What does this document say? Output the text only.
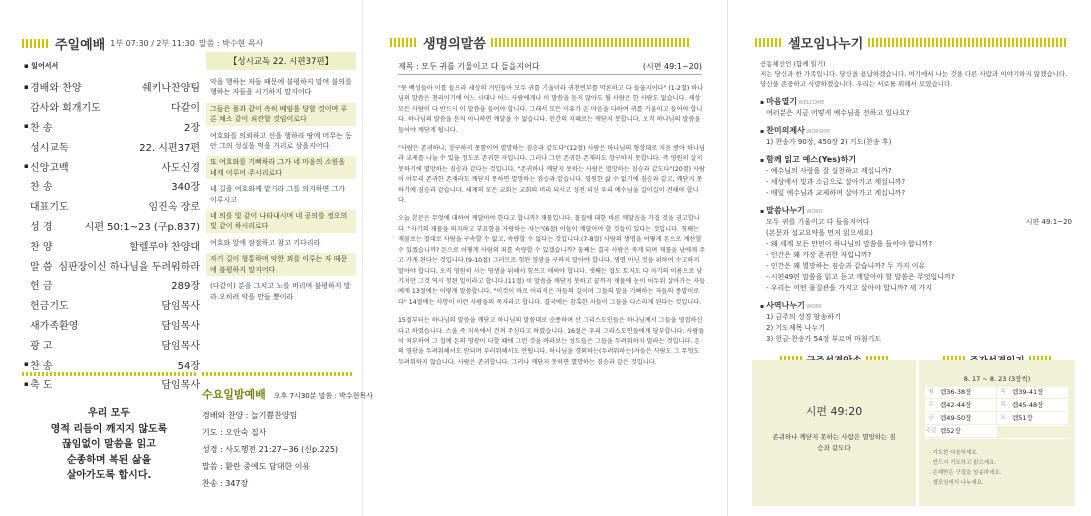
주일예배 1부 07:30 / 2부 11:30 말씀 : 박수현 목사
▪ 일어서서
▪ 경배와 찬양	쉐키나찬양팀
감사와 회개기도	다같이
▪ 찬 송	2장
성시교독	22. 시편37편
▪ 신앙고백	사도신경
찬 송	340장
대표기도	임진옥 장로
성 경	시편 50:1~23 (구p.837)
찬 양	할렐루야 찬양대
말 씀 심판장이신 하나님을 두려워하라
헌 금	289장
헌금기도	담임목사
새가족환영	담임목사
광 고	담임목사
▪ 찬 송	54장
▪ 축 도	담임목사
【성시교독 22. 시편37편】
악을 행하는 자들 때문에 불평하지 말며 불의를 행하는 자들을 시기하지 말지어다
그들은 풀과 같이 속히 베임을 당할 것이며 푸른 채소 같이 쇠잔할 것임이로다
여호와를 의뢰하고 선을 행하라 땅에 머무는 동안 그의 성실을 먹을 거리로 삼을지어다
또 여호와를 기뻐하라 그가 네 마음의 소원을 네게 이루어 주시리로다
네 길을 여호와께 맡기라 그를 의지하면 그가 이루시고
네 의를 빛 같이 나타내시며 네 공의를 정오의 빛 같이 하시리로다
여호와 앞에 잠잠하고 참고 기다리라
자기 길이 형통하며 악한 꾀를 이루는 자 때문에 불평하지 말지어다
(다같이) 분을 그치고 노를 버리며 불평하지 말라 오히려 악을 만들 뿐이라
우리 모두
영적 리듬이 깨지지 않도록
끊임없이 말씀을 읽고
순종하며 복된 삶을
살아가도록 합시다.
수요일밤예배 오후 7시30분 말씀 : 박수현목사
경배와 찬양 : 늘기쁨찬양팀
기도 : 오안숙 집사
성경 : 사도행전 21:27~36 (신p.225)
말씀 : 환란 중에도 담대한 이유
찬송 : 347장
생명의말씀
제목 : 모두 귀를 기울이고 다 들을지어다	(시편 49:1~20)

"뭇 백성들아 이를 들으라 세상의 거민들아 모두 귀를 기울이라 귀천빈부를 막론하고 다 들을지어다" (1-2절) 하나님의 말씀은 천리이기에 어느 시대나 어느 사람에게나 이 말씀을 듣지 않아도 될 사람은 한 사람도 없습니다. 세상 모든 사람이 다 반드시 이 말씀을 들어야 합니다. 그래서 모든 이유가 온 마음을 다하여 귀를 기울이고 들어야 합니다. 하나님의 말씀을 듣지 아니하면 깨달을 수 없습니다. 인간의 지혜로는 깨닫지 못합니다. 오직 하나님의 말씀을 들어야 깨닫게 됩니다.

"사람은 존귀하나, 장구하지 못함이여 멸망하는 짐승과 같도다"(12절) 사람은 하나님의 형상대로 지음 받아 하나님과 교제를 나눌 수 있을 정도로 존귀한 자입니다. 그러나 그런 존귀한 존재라도 장구하지 못합니다. 즉 영원히 살지 못하기에 멸망하는 짐승과 같다는 것입니다. "존귀하나 깨닫지 못하는 사람은 멸망하는 짐승과 같도다"(20절) 사람이 아무리 존귀한 존재라도 깨닫지 못하면 멸망하는 짐승과 같습니다. 영원한 삶 수 없기에 짐승과 같고, 깨닫지 못하기에 짐승과 같습니다. 세계의 모든 교회는 교회의 머리 되시고 성전 되신 우리 예수님을 길이길이 견해야 합니다.

오늘 본문은 무엇에 대하여 깨달아야 한다고 합니까? 재물입니다. 물질에 대한 바른 깨달음을 가질 것을 권고합니다. "자기의 재물을 의지하고 부요함을 자랑하는 자는"(6절) 이들이 깨달아야 할 것들이 있다는 것입니다. 첫째는 재물로는 절대로 사람을 구속할 수 없고, 속량할 수 없다는 것입니다.(7-8절) 사람의 생명을 어떻게 돈으로 계산할 수 있겠습니까? 돈으로 어떻게 사람의 죄를 속량할 수 있겠습니까? 둘째는 결국 사람은 죽게 되며 재물을 남에게 주고 가게 된다는 것입니다.(9-10절) 그러므로 헛된 영광을 구하지 말아야 합니다. 생명 아닌 것을 위하여 수고하지 말아야 합니다. 오직 영원히 사는 영생을 위해서 힘쓰고 애써야 합니다. 셋째는 집도 토지도 다 자기의 이름으로 남기지만 그것 역시 헛된 일이라고 합니다.(11절) 이 말씀을 깨닫지 못하고 끝까지 재물에 눈이 어두워 살아가는 자들에게 13절에는 이렇게 말씀합니다. "이것이 바로 어리석은 자들의 길이며 그들의 말을 기뻐하는 자들의 종말이로다" 14절에는 사망이 이런 사람들의 목자라고 합니다. 결국에는 참혹한 자들이 그들을 다스리게 된다는 것입니다.

15절부터는 하나님의 말씀을 깨닫고 하나님의 말씀대로 순종하며 산 그리스도인들은 하나님께서 그들을 영접하신다고 하였습니다. 스올 즉 지옥에서 건져 주신다고 하였습니다. 16절은 우리 그리스도인들에게 당부합니다. 사람들이 치부하여 그 집에 돈의 영광이 더할 때에 그런 것을 바라보는 성도들은 그들을 두려워하지 말라는 것입니다. 돈의 영광을 두려워해서도 안되며 부러워해서도 안됩니다. 하나님을 경외하는(두려워하는)자들은 사람도 그 무엇도 두려워하지 않습니다. 사람은 존귀합니다. 그러나 깨닫지 못하면 멸망하는 짐승과 같은 것입니다.

셀모임나누기
공동체선언 (함께 읽기)
저는 당신과 한 가족입니다. 당신을 용납하겠습니다. 여기에서 나눈 것을 다른 사람과 이야기하지 않겠습니다. 당신을 존중하고 사랑하겠습니다. 우리는 서로를 위해서 모였습니다.
▪ 마음열기 WELCOME
여러분은 지금 어떻게 예수님을 전하고 있나요?
▪ 찬미의제사 WORSHIP
1) 찬송가 90장, 450장 2) 기도(찬송 후)
▪ 함께 읽고 예스(Yes)하기
- 예수님의 사랑을 잘 실천하고 계십니까?
- 세상에서 빛과 소금으로 살아가고 계십니까?
- 매일 예수님과 교제하며 살아가고 계십니까?
▪ 말씀나누기 WORD
모두 귀를 기울이고 다 들을지어다	시편 49:1~20
(본문과 설교요약을 먼저 읽으세요)
- 왜 세계 모든 만민이 하나님의 말씀을 들어야 합니까?
- 인간은 왜 가장 존귀한 자입니까?
- 인간은 왜 멸망하는 짐승과 같습니까? 두 가지 이유
- 시편49편 말씀을 읽고 듣고 깨달아야 할 말씀은 무엇입니까?
- 우리는 어떤 물질관을 가지고 살아야 합니까? 세 가지
▪ 사역나누기 WORK
1) 금주의 성경 암송하기
2) 기도제목 나누기
3) 헌금·찬송가 54장 부르며 마침기도
시편 49:20
존귀하나 깨닫지 못하는 사람은 멸망하는 짐승과 같도다
8. 17 ~ 8. 23 (3장씩)
월 렘36-38장	목 렘39-41장
수 렘42-44장	목 렘45-48장
금 렘49-50장	토 렘51장
주일 렘52장
· 기도한 다음하세요.
· 반드시 기도하고 읽으세요.
· 은혜받은 구절을 암송하세요.
· 셀모임에서 나누세요.
